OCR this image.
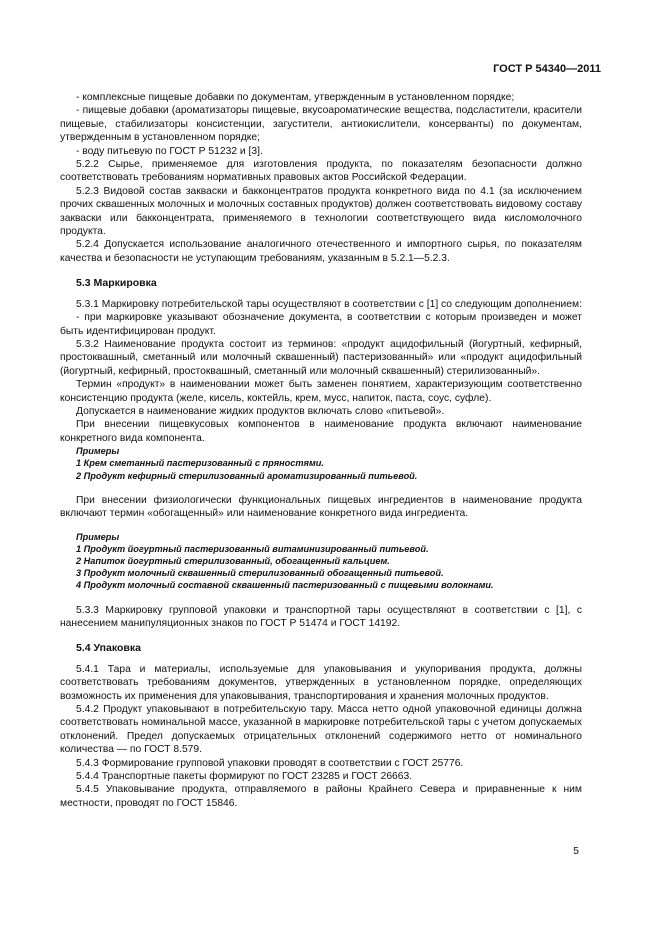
ГОСТ Р 54340—2011

- комплексные пищевые добавки по документам, утвержденным в установленном порядке;

- пищевые добавки (ароматизаторы пищевые, вкусоароматические вещества, подсластители, красители пищевые, стабилизаторы консистенции, загустители, антиокислители, консерванты) по документам, утвержденным в установленном порядке;

- воду питьевую по ГОСТ Р 51232 и [3].

5.2.2 Сырье, применяемое для изготовления продукта, по показателям безопасности должно соответствовать требованиям нормативных правовых актов Российской Федерации.

5.2.3 Видовой состав закваски и бакконцентратов продукта конкретного вида по 4.1 (за исключением прочих сквашенных молочных и молочных составных продуктов) должен соответствовать видовому составу закваски или бакконцентрата, применяемого в технологии соответствующего вида кисломолочного продукта.

5.2.4 Допускается использование аналогичного отечественного и импортного сырья, по показателям качества и безопасности не уступающим требованиям, указанным в 5.2.1—5.2.3.

5.3 Маркировка

5.3.1 Маркировку потребительской тары осуществляют в соответствии с [1] со следующим дополнением:

- при маркировке указывают обозначение документа, в соответствии с которым произведен и может быть идентифицирован продукт.

5.3.2 Наименование продукта состоит из терминов: «продукт ацидофильный (йогуртный, кефирный, простоквашный, сметанный или молочный сквашенный) пастеризованный» или «продукт ацидофильный (йогуртный, кефирный, простоквашный, сметанный или молочный сквашенный) стерилизованный».

Термин «продукт» в наименовании может быть заменен понятием, характеризующим соответственно консистенцию продукта (желе, кисель, коктейль, крем, мусс, напиток, паста, соус, суфле).

Допускается в наименование жидких продуктов включать слово «питьевой».

При внесении пищевкусовых компонентов в наименование продукта включают наименование конкретного вида компонента.

Примеры
1 Крем сметанный пастеризованный с пряностями.
2 Продукт кефирный стерилизованный ароматизированный питьевой.

При внесении физиологически функциональных пищевых ингредиентов в наименование продукта включают термин «обогащенный» или наименование конкретного вида ингредиента.

Примеры
1 Продукт йогуртный пастеризованный витаминизированный питьевой.
2 Напиток йогуртный стерилизованный, обогащенный кальцием.
3 Продукт молочный сквашенный стерилизованный обогащенный питьевой.
4 Продукт молочный составной сквашенный пастеризованный с пищевыми волокнами.

5.3.3 Маркировку групповой упаковки и транспортной тары осуществляют в соответствии с [1], с нанесением манипуляционных знаков по ГОСТ Р 51474 и ГОСТ 14192.

5.4 Упаковка

5.4.1 Тара и материалы, используемые для упаковывания и укупоривания продукта, должны соответствовать требованиям документов, утвержденных в установленном порядке, определяющих возможность их применения для упаковывания, транспортирования и хранения молочных продуктов.

5.4.2 Продукт упаковывают в потребительскую тару. Масса нетто одной упаковочной единицы должна соответствовать номинальной массе, указанной в маркировке потребительской тары с учетом допускаемых отклонений. Предел допускаемых отрицательных отклонений содержимого нетто от номинального количества — по ГОСТ 8.579.

5.4.3 Формирование групповой упаковки проводят в соответствии с ГОСТ 25776.

5.4.4 Транспортные пакеты формируют по ГОСТ 23285 и ГОСТ 26663.

5.4.5 Упаковывание продукта, отправляемого в районы Крайнего Севера и приравненные к ним местности, проводят по ГОСТ 15846.

5
